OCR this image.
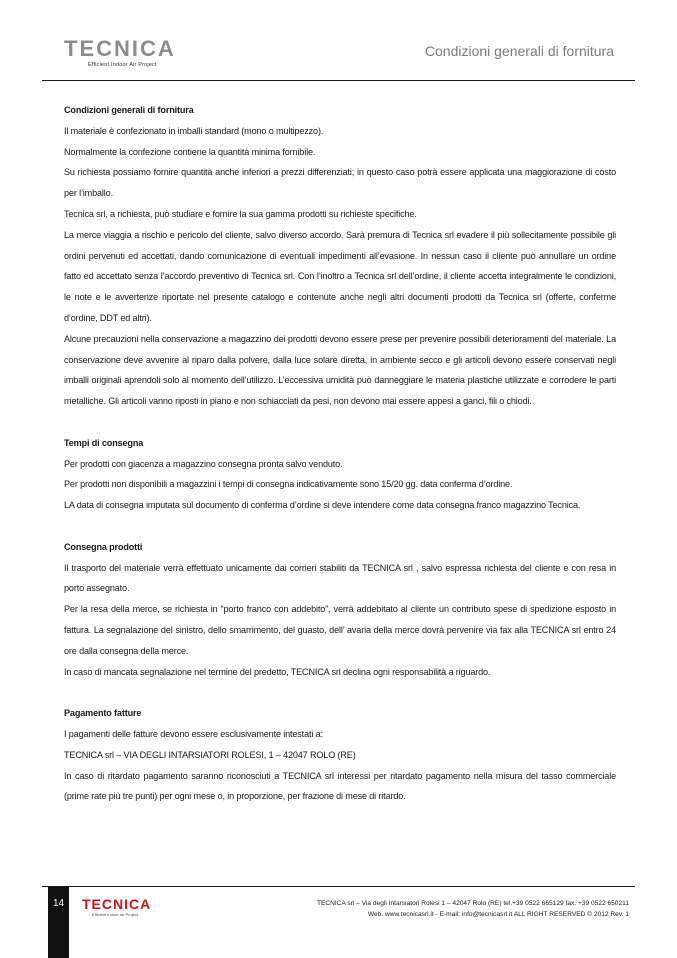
TECNICA
Efficient Indoor Air Project
Condizioni generali di fornitura
Condizioni generali di fornitura
Il materiale è confezionato in imballi standard (mono o multipezzo).
Normalmente la confezione contiene la quantità minima fornibile.
Su richiesta possiamo fornire quantità anche inferiori a prezzi differenziati; in questo caso potrà essere applicata una maggiorazione di costo per l’imballo.
Tecnica srl, a richiesta, può studiare e fornire la sua gamma prodotti su richieste specifiche.
La merce viaggia a rischio e pericolo del cliente, salvo diverso accordo. Sarà premura di Tecnica srl evadere il più sollecitamente possibile gli ordini pervenuti ed accettati, dando comunicazione di eventuali impedimenti all’evasione. In nessun caso il cliente può annullare un ordine fatto ed accettato senza l’accordo preventivo di Tecnica srl. Con l’inoltro a Tecnica srl dell’ordine, il cliente accetta integralmente le condizioni, le note e le avvertenze riportate nel presente catalogo e contenute anche negli altri documenti prodotti da Tecnica srl (offerte, conferme d’ordine, DDT ed altri).
Alcune precauzioni nella conservazione a magazzino dei prodotti devono essere prese per prevenire possibili deterioramenti del materiale. La conservazione deve avvenire al riparo dalla polvere, dalla luce solare diretta, in ambiente secco e gli articoli devono essere conservati negli imballi originali aprendoli solo al momento dell’utilizzo. L’eccessiva umidità può danneggiare le materia plastiche utilizzate e corrodere le parti metalliche. Gli articoli vanno riposti in piano e non schiacciati da pesi, non devono mai essere appesi a ganci, fili o chiodi.
Tempi di consegna
Per prodotti con giacenza a magazzino consegna pronta salvo venduto.
Per prodotti non disponibili a magazzini i tempi di consegna indicativamente sono 15/20 gg. data conferma d’ordine.
LA data di consegna imputata sul documento di conferma d’ordine si deve intendere come data consegna franco magazzino Tecnica.
Consegna prodotti
Il trasporto del materiale verrà effettuato unicamente dai corrieri stabiliti da TECNICA srl , salvo espressa richiesta del cliente e con resa in porto assegnato.
Per la resa della merce, se richiesta in “porto franco con addebito”, verrà addebitato al cliente un contributo spese di spedizione esposto in fattura. La segnalazione del sinistro, dello smarrimento, del guasto, dell’ avaria della merce dovrà pervenire via fax alla TECNICA srl entro 24 ore dalla consegna della merce.
In caso di mancata segnalazione nel termine del predetto, TECNICA srl declina ogni responsabilità a riguardo.
Pagamento fatture
I pagamenti delle fatture devono essere esclusivamente intestati a:
TECNICA srl – VIA DEGLI INTARSIATORI ROLESI, 1 – 42047 ROLO (RE)
In caso di ritardato pagamento saranno riconosciuti a TECNICA srl interessi per ritardato pagamento nella misura del tasso commerciale (prime rate più tre punti) per ogni mese o, in proporzione, per frazione di mese di ritardo.
14	TECNICA
Efficient Indoor Air Project
TECNICA srl – Via degli Intarsiatori Rolesi 1 – 42047 Rolo (RE) tel.+39 0522 665129 fax. +39 0522 650211
Web. www.tecnicasrl.it - E-mail: info@tecnicasrl.it ALL RIGHT RESERVED © 2012 Rev. 1
